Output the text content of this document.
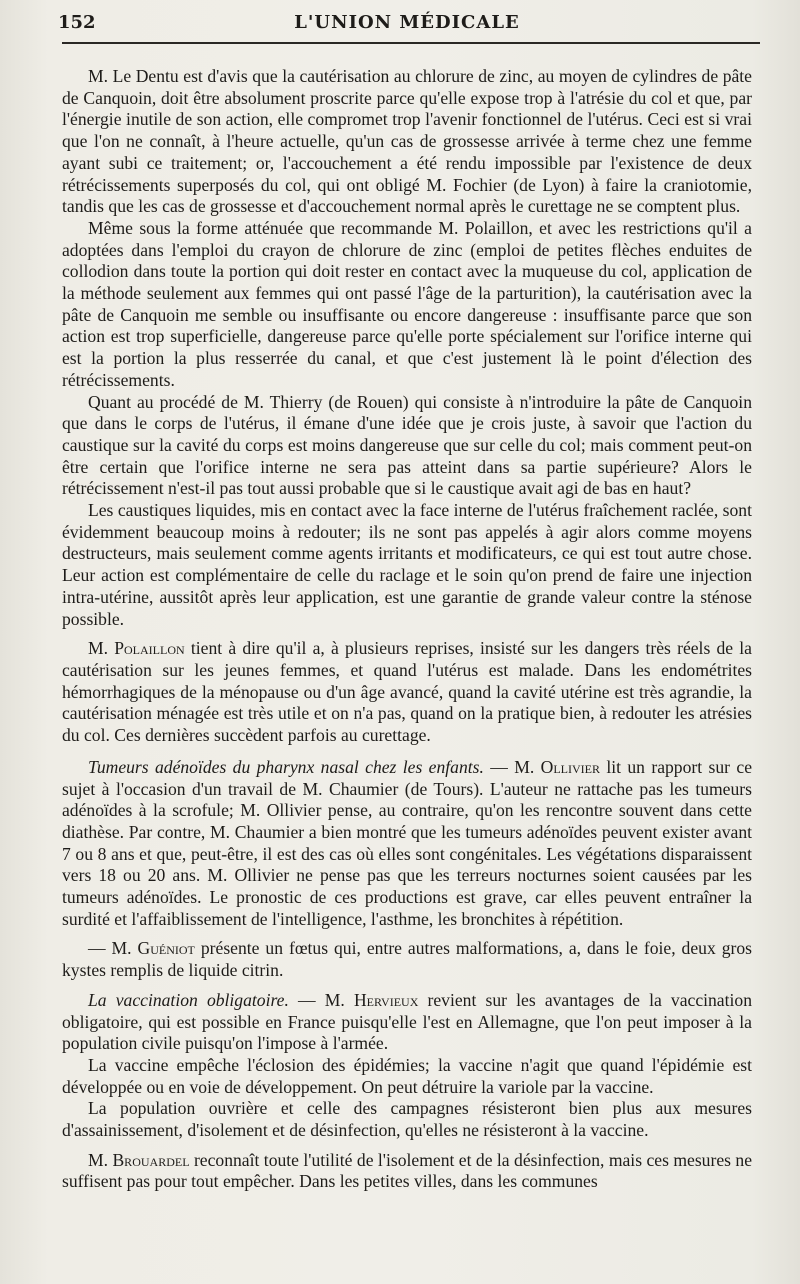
152	L'UNION MÉDICALE

M. Le Dentu est d'avis que la cautérisation au chlorure de zinc, au moyen de cylindres de pâte de Canquoin, doit être absolument proscrite parce qu'elle expose trop à l'atrésie du col et que, par l'énergie inutile de son action, elle compromet trop l'avenir fonctionnel de l'utérus. Ceci est si vrai que l'on ne connaît, à l'heure actuelle, qu'un cas de grossesse arrivée à terme chez une femme ayant subi ce traitement; or, l'accouchement a été rendu impossible par l'existence de deux rétrécissements superposés du col, qui ont obligé M. Fochier (de Lyon) à faire la craniotomie, tandis que les cas de grossesse et d'accouchement normal après le curettage ne se comptent plus.

Même sous la forme atténuée que recommande M. Polaillon, et avec les restrictions qu'il a adoptées dans l'emploi du crayon de chlorure de zinc (emploi de petites flèches enduites de collodion dans toute la portion qui doit rester en contact avec la muqueuse du col, application de la méthode seulement aux femmes qui ont passé l'âge de la parturition), la cautérisation avec la pâte de Canquoin me semble ou insuffisante ou encore dangereuse : insuffisante parce que son action est trop superficielle, dangereuse parce qu'elle porte spécialement sur l'orifice interne qui est la portion la plus resserrée du canal, et que c'est justement là le point d'élection des rétrécissements.

Quant au procédé de M. Thierry (de Rouen) qui consiste à n'introduire la pâte de Canquoin que dans le corps de l'utérus, il émane d'une idée que je crois juste, à savoir que l'action du caustique sur la cavité du corps est moins dangereuse que sur celle du col; mais comment peut-on être certain que l'orifice interne ne sera pas atteint dans sa partie supérieure? Alors le rétrécissement n'est-il pas tout aussi probable que si le caustique avait agi de bas en haut?

Les caustiques liquides, mis en contact avec la face interne de l'utérus fraîchement raclée, sont évidemment beaucoup moins à redouter; ils ne sont pas appelés à agir alors comme moyens destructeurs, mais seulement comme agents irritants et modificateurs, ce qui est tout autre chose. Leur action est complémentaire de celle du raclage et le soin qu'on prend de faire une injection intra-utérine, aussitôt après leur application, est une garantie de grande valeur contre la sténose possible.

M. Polaillon tient à dire qu'il a, à plusieurs reprises, insisté sur les dangers très réels de la cautérisation sur les jeunes femmes, et quand l'utérus est malade. Dans les endométrites hémorrhagiques de la ménopause ou d'un âge avancé, quand la cavité utérine est très agrandie, la cautérisation ménagée est très utile et on n'a pas, quand on la pratique bien, à redouter les atrésies du col. Ces dernières succèdent parfois au curettage.

Tumeurs adénoïdes du pharynx nasal chez les enfants. — M. Ollivier lit un rapport sur ce sujet à l'occasion d'un travail de M. Chaumier (de Tours). L'auteur ne rattache pas les tumeurs adénoïdes à la scrofule; M. Ollivier pense, au contraire, qu'on les rencontre souvent dans cette diathèse. Par contre, M. Chaumier a bien montré que les tumeurs adénoïdes peuvent exister avant 7 ou 8 ans et que, peut-être, il est des cas où elles sont congénitales. Les végétations disparaissent vers 18 ou 20 ans. M. Ollivier ne pense pas que les terreurs nocturnes soient causées par les tumeurs adénoïdes. Le pronostic de ces productions est grave, car elles peuvent entraîner la surdité et l'affaiblissement de l'intelligence, l'asthme, les bronchites à répétition.

— M. Guéniot présente un fœtus qui, entre autres malformations, a, dans le foie, deux gros kystes remplis de liquide citrin.

La vaccination obligatoire. — M. Hervieux revient sur les avantages de la vaccination obligatoire, qui est possible en France puisqu'elle l'est en Allemagne, que l'on peut imposer à la population civile puisqu'on l'impose à l'armée.

La vaccine empêche l'éclosion des épidémies; la vaccine n'agit que quand l'épidémie est développée ou en voie de développement. On peut détruire la variole par la vaccine.

La population ouvrière et celle des campagnes résisteront bien plus aux mesures d'assainissement, d'isolement et de désinfection, qu'elles ne résisteront à la vaccine.

M. Brouardel reconnaît toute l'utilité de l'isolement et de la désinfection, mais ces mesures ne suffisent pas pour tout empêcher. Dans les petites villes, dans les communes
